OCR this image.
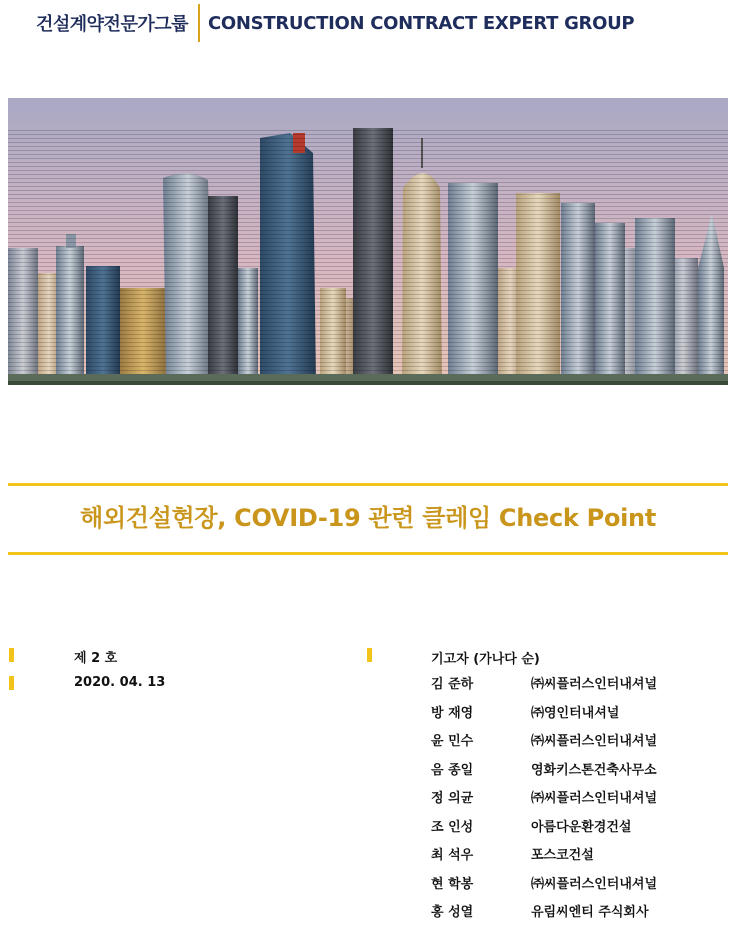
건설계약전문가그룹 CONSTRUCTION CONTRACT EXPERT GROUP
해외건설현장, COVID-19 관련 클레임 Check Point
제 2 호
2020. 04. 13
기고자 (가나다 순)
김 준하	㈜씨플러스인터내셔널
방 재영	㈜영인터내셔널
윤 민수	㈜씨플러스인터내셔널
음 종일	영화키스톤건축사무소
정 의균	㈜씨플러스인터내셔널
조 인성	아름다운환경건설
최 석우	포스코건설
현 학봉	㈜씨플러스인터내셔널
홍 성열	유림씨엔티 주식회사
